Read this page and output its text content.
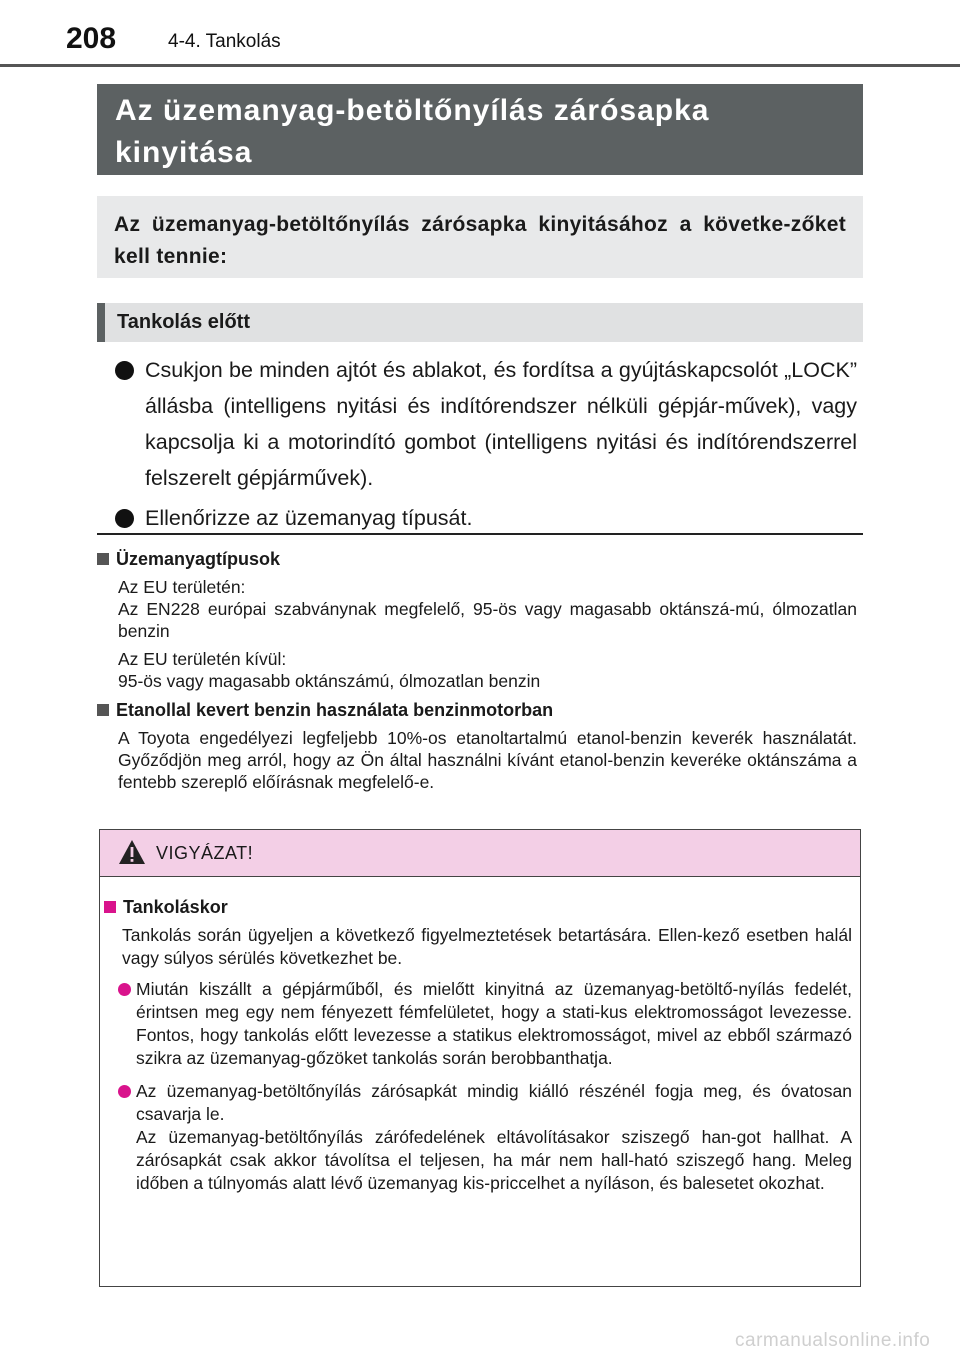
208	4-4. Tankolás
Az üzemanyag-betöltőnyílás zárósapka kinyitása
Az üzemanyag-betöltőnyílás zárósapka kinyitásához a követke-zőket kell tennie:
Tankolás előtt
Csukjon be minden ajtót és ablakot, és fordítsa a gyújtáskapcsolót „LOCK” állásba (intelligens nyitási és indítórendszer nélküli gépjár-művek), vagy kapcsolja ki a motorindító gombot (intelligens nyitási és indítórendszerrel felszerelt gépjárművek).
Ellenőrizze az üzemanyag típusát.
Üzemanyagtípusok
Az EU területén:
Az EN228 európai szabványnak megfelelő, 95-ös vagy magasabb oktánszá-mú, ólmozatlan benzin
Az EU területén kívül:
95-ös vagy magasabb oktánszámú, ólmozatlan benzin
Etanollal kevert benzin használata benzinmotorban
A Toyota engedélyezi legfeljebb 10%-os etanoltartalmú etanol-benzin keverék használatát. Győződjön meg arról, hogy az Ön által használni kívánt etanol-benzin keveréke oktánszáma a fentebb szereplő előírásnak megfelelő-e.
VIGYÁZAT!
Tankoláskor
Tankolás során ügyeljen a következő figyelmeztetések betartására. Ellen-kező esetben halál vagy súlyos sérülés következhet be.

Miután kiszállt a gépjárműből, és mielőtt kinyitná az üzemanyag-betöltő-nyílás fedelét, érintsen meg egy nem fényezett fémfelületet, hogy a stati-kus elektromosságot levezesse. Fontos, hogy tankolás előtt levezesse a statikus elektromosságot, mivel az ebből származó szikra az üzemanyag-gőzöket tankolás során berobbanthatja.

Az üzemanyag-betöltőnyílás zárósapkát mindig kiálló részénél fogja meg, és óvatosan csavarja le.

Az üzemanyag-betöltőnyílás zárófedelének eltávolításakor sziszegő han-got hallhat. A zárósapkát csak akkor távolítsa el teljesen, ha már nem hall-ható sziszegő hang. Meleg időben a túlnyomás alatt lévő üzemanyag kis-priccelhet a nyíláson, és balesetet okozhat.

carmanualsonline.info
